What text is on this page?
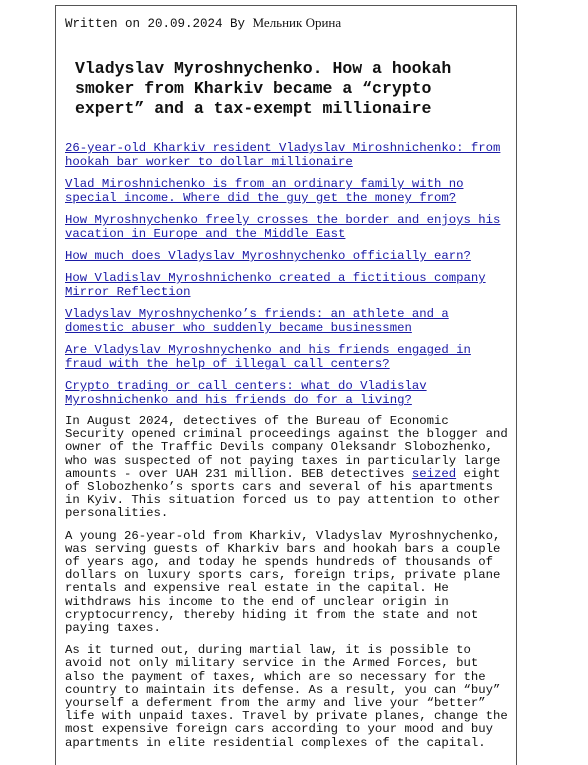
Written on 20.09.2024 By Мельник Орина
Vladyslav Myroshnychenko. How a hookah smoker from Kharkiv became a “crypto expert” and a tax-exempt millionaire
26-year-old Kharkiv resident Vladyslav Miroshnichenko: from hookah bar worker to dollar millionaire
Vlad Miroshnichenko is from an ordinary family with no special income. Where did the guy get the money from?
How Myroshnychenko freely crosses the border and enjoys his vacation in Europe and the Middle East
How much does Vladyslav Myroshnychenko officially earn?
How Vladislav Myroshnichenko created a fictitious company Mirror Reflection
Vladyslav Myroshnychenko’s friends: an athlete and a domestic abuser who suddenly became businessmen
Are Vladyslav Myroshnychenko and his friends engaged in fraud with the help of illegal call centers?
Crypto trading or call centers: what do Vladislav Myroshnichenko and his friends do for a living?

In August 2024, detectives of the Bureau of Economic Security opened criminal proceedings against the blogger and owner of the Traffic Devils company Oleksandr Slobozhenko, who was suspected of not paying taxes in particularly large amounts - over UAH 231 million. BEB detectives seized eight of Slobozhenko’s sports cars and several of his apartments in Kyiv. This situation forced us to pay attention to other personalities.

A young 26-year-old from Kharkiv, Vladyslav Myroshnychenko, was serving guests of Kharkiv bars and hookah bars a couple of years ago, and today he spends hundreds of thousands of dollars on luxury sports cars, foreign trips, private plane rentals and expensive real estate in the capital. He withdraws his income to the end of unclear origin in cryptocurrency, thereby hiding it from the state and not paying taxes.

As it turned out, during martial law, it is possible to avoid not only military service in the Armed Forces, but also the payment of taxes, which are so necessary for the country to maintain its defense. As a result, you can “buy” yourself a deferment from the army and live your “better” life with unpaid taxes. Travel by private planes, change the most expensive foreign cars according to your mood and buy apartments in elite residential complexes of the capital.
